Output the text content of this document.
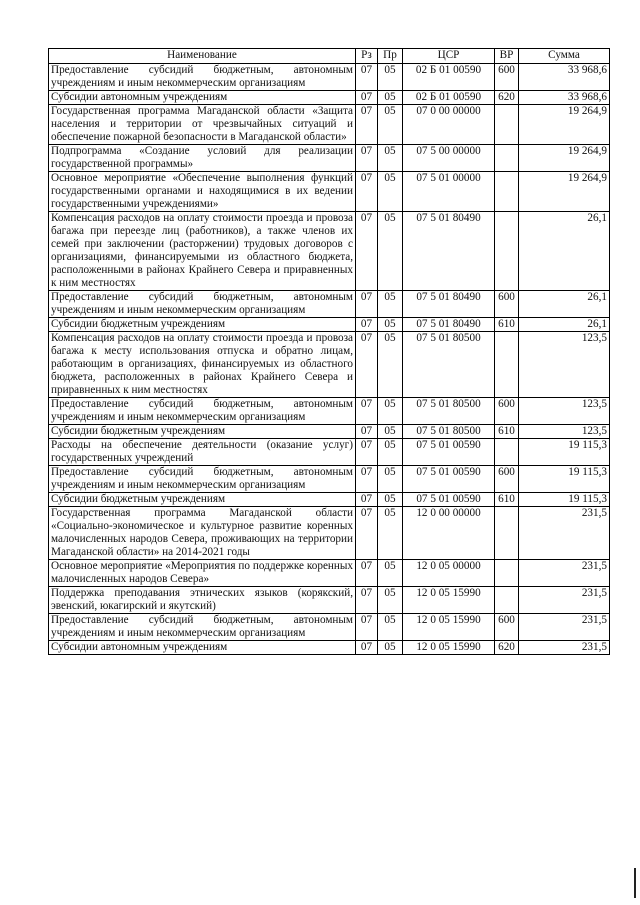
Наименование	Рз	Пр	ЦСР	ВР	Сумма
Предоставление субсидий бюджетным, автономным учреждениям и иным некоммерческим организациям	07	05	02 Б 01 00590	600	33 968,6
Субсидии автономным учреждениям	07	05	02 Б 01 00590	620	33 968,6
Государственная программа Магаданской области «Защита населения и территории от чрезвычайных ситуаций и обеспечение пожарной безопасности в Магаданской области»	07	05	07 0 00 00000		19 264,9
Подпрограмма «Создание условий для реализации государственной программы»	07	05	07 5 00 00000		19 264,9
Основное мероприятие «Обеспечение выполнения функций государственными органами и находящимися в их ведении государственными учреждениями»	07	05	07 5 01 00000		19 264,9
Компенсация расходов на оплату стоимости проезда и провоза багажа при переезде лиц (работников), а также членов их семей при заключении (расторжении) трудовых договоров с организациями, финансируемыми из областного бюджета, расположенными в районах Крайнего Севера и приравненных к ним местностях	07	05	07 5 01 80490		26,1
Предоставление субсидий бюджетным, автономным учреждениям и иным некоммерческим организациям	07	05	07 5 01 80490	600	26,1
Субсидии бюджетным учреждениям	07	05	07 5 01 80490	610	26,1
Компенсация расходов на оплату стоимости проезда и провоза багажа к месту использования отпуска и обратно лицам, работающим в организациях, финансируемых из областного бюджета, расположенных в районах Крайнего Севера и приравненных к ним местностях	07	05	07 5 01 80500		123,5
Предоставление субсидий бюджетным, автономным учреждениям и иным некоммерческим организациям	07	05	07 5 01 80500	600	123,5
Субсидии бюджетным учреждениям	07	05	07 5 01 80500	610	123,5
Расходы на обеспечение деятельности (оказание услуг) государственных учреждений	07	05	07 5 01 00590		19 115,3
Предоставление субсидий бюджетным, автономным учреждениям и иным некоммерческим организациям	07	05	07 5 01 00590	600	19 115,3
Субсидии бюджетным учреждениям	07	05	07 5 01 00590	610	19 115,3
Государственная программа Магаданской области «Социально-экономическое и культурное развитие коренных малочисленных народов Севера, проживающих на территории Магаданской области» на 2014-2021 годы	07	05	12 0 00 00000		231,5
Основное мероприятие «Мероприятия по поддержке коренных малочисленных народов Севера»	07	05	12 0 05 00000		231,5
Поддержка преподавания этнических языков (корякский, эвенский, юкагирский и якутский)	07	05	12 0 05 15990		231,5
Предоставление субсидий бюджетным, автономным учреждениям и иным некоммерческим организациям	07	05	12 0 05 15990	600	231,5
Субсидии автономным учреждениям	07	05	12 0 05 15990	620	231,5
